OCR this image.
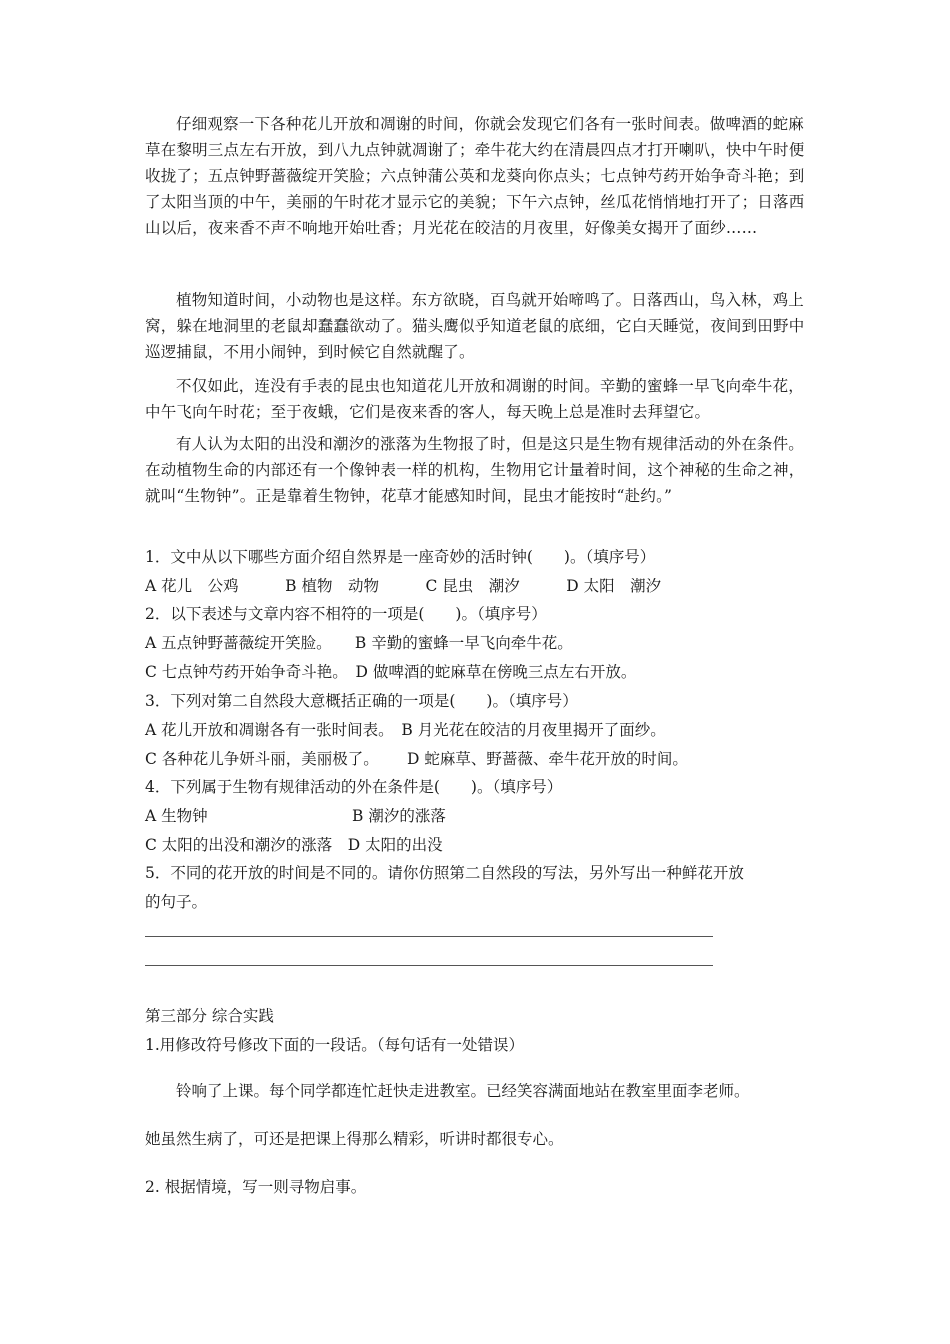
仔细观察一下各种花儿开放和凋谢的时间，你就会发现它们各有一张时间表。做啤酒的蛇麻草在黎明三点左右开放，到八九点钟就凋谢了；牵牛花大约在清晨四点才打开喇叭，快中午时便收拢了；五点钟野蔷薇绽开笑脸；六点钟蒲公英和龙葵向你点头；七点钟芍药开始争奇斗艳；到了太阳当顶的中午，美丽的午时花才显示它的美貌；下午六点钟，丝瓜花悄悄地打开了；日落西山以后，夜来香不声不响地开始吐香；月光花在皎洁的月夜里，好像美女揭开了面纱……

植物知道时间，小动物也是这样。东方欲晓，百鸟就开始啼鸣了。日落西山，鸟入林，鸡上窝，躲在地洞里的老鼠却蠢蠢欲动了。猫头鹰似乎知道老鼠的底细，它白天睡觉，夜间到田野中巡逻捕鼠，不用小闹钟，到时候它自然就醒了。

不仅如此，连没有手表的昆虫也知道花儿开放和凋谢的时间。辛勤的蜜蜂一早飞向牵牛花，中午飞向午时花；至于夜蛾，它们是夜来香的客人，每天晚上总是准时去拜望它。

有人认为太阳的出没和潮汐的涨落为生物报了时，但是这只是生物有规律活动的外在条件。在动植物生命的内部还有一个像钟表一样的机构，生物用它计量着时间，这个神秘的生命之神，就叫“生物钟”。正是靠着生物钟，花草才能感知时间，昆虫才能按时“赴约。”

1．文中从以下哪些方面介绍自然界是一座奇妙的活时钟(　　)。（填序号）

A 花儿　公鸡　　　B 植物　动物　　　C 昆虫　潮汐　　　D 太阳　潮汐

2．以下表述与文章内容不相符的一项是(　　)。（填序号）

A 五点钟野蔷薇绽开笑脸。　　B 辛勤的蜜蜂一早飞向牵牛花。

C 七点钟芍药开始争奇斗艳。　D 做啤酒的蛇麻草在傍晚三点左右开放。

3．下列对第二自然段大意概括正确的一项是(　　)。（填序号）

A 花儿开放和凋谢各有一张时间表。　B 月光花在皎洁的月夜里揭开了面纱。

C 各种花儿争妍斗丽，美丽极了。　　 D 蛇麻草、野蔷薇、牵牛花开放的时间。

4．下列属于生物有规律活动的外在条件是(　　)。（填序号）

A 生物钟　　　　　　　　　 B 潮汐的涨落

C 太阳的出没和潮汐的涨落　D 太阳的出没

5．不同的花开放的时间是不同的。请你仿照第二自然段的写法，另外写出一种鲜花开放

的句子。

第三部分 综合实践

1.用修改符号修改下面的一段话。（每句话有一处错误）

铃响了上课。每个同学都连忙赶快走进教室。已经笑容满面地站在教室里面李老师。

她虽然生病了，可还是把课上得那么精彩，听讲时都很专心。

2. 根据情境，写一则寻物启事。
